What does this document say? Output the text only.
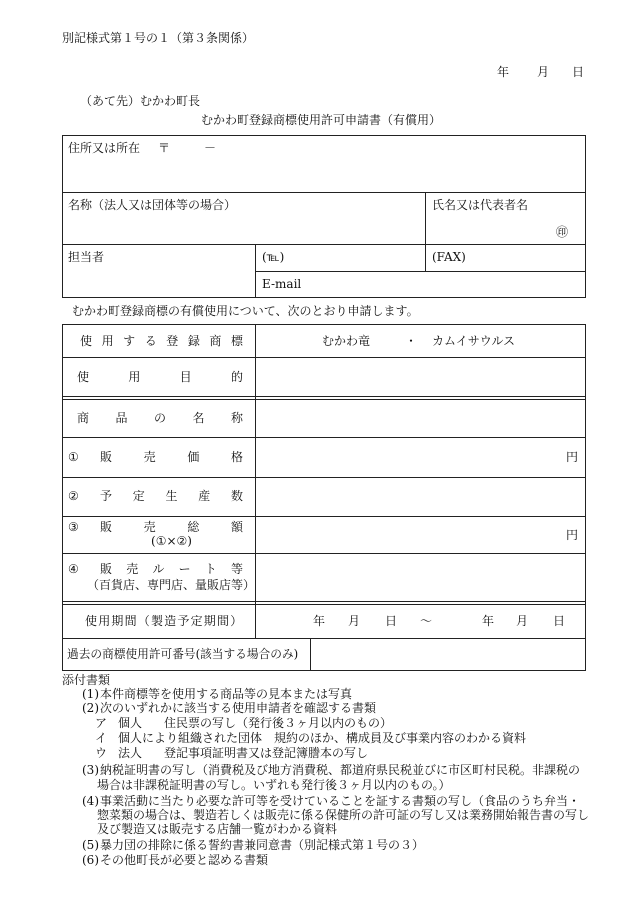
別記様式第１号の１（第３条関係）
年 月 日
（あて先）むかわ町長
むかわ町登録商標使用許可申請書（有償用）
住所又は所在 〒	－
名称（法人又は団体等の場合）	氏名又は代表者名
㊞
担当者	(℡)	(FAX)
E-mail
むかわ町登録商標の有償使用について、次のとおり申請します。
使用する登録商標	むかわ竜	・ カムイサウルス
使用目的
商品の名称
① 販売価格	円
② 予定生産数
③ 販売総額
(①×②)	円
④ 販売ルート等
（百貨店、専門店、量販店等）
使用期間（製造予定期間）	年 月 日 ～	年 月 日
過去の商標使用許可番号(該当する場合のみ)
添付書類
(1) 本件商標等を使用する商品等の見本または写真
(2) 次のいずれかに該当する使用申請者を確認する書類
ア 個人 住民票の写し（発行後３ヶ月以内のもの）
イ 個人により組織された団体 規約のほか、構成員及び事業内容のわかる資料
ウ 法人 登記事項証明書又は登記簿謄本の写し
(3) 納税証明書の写し（消費税及び地方消費税、都道府県民税並びに市区町村民税。非課税の
場合は非課税証明書の写し。いずれも発行後３ヶ月以内のもの。）
(4) 事業活動に当たり必要な許可等を受けていることを証する書類の写し（食品のうち弁当・
惣菜類の場合は、製造若しくは販売に係る保健所の許可証の写し又は業務開始報告書の写し
及び製造又は販売する店舗一覧がわかる資料
(5) 暴力団の排除に係る誓約書兼同意書（別記様式第１号の３）
(6) その他町長が必要と認める書類
